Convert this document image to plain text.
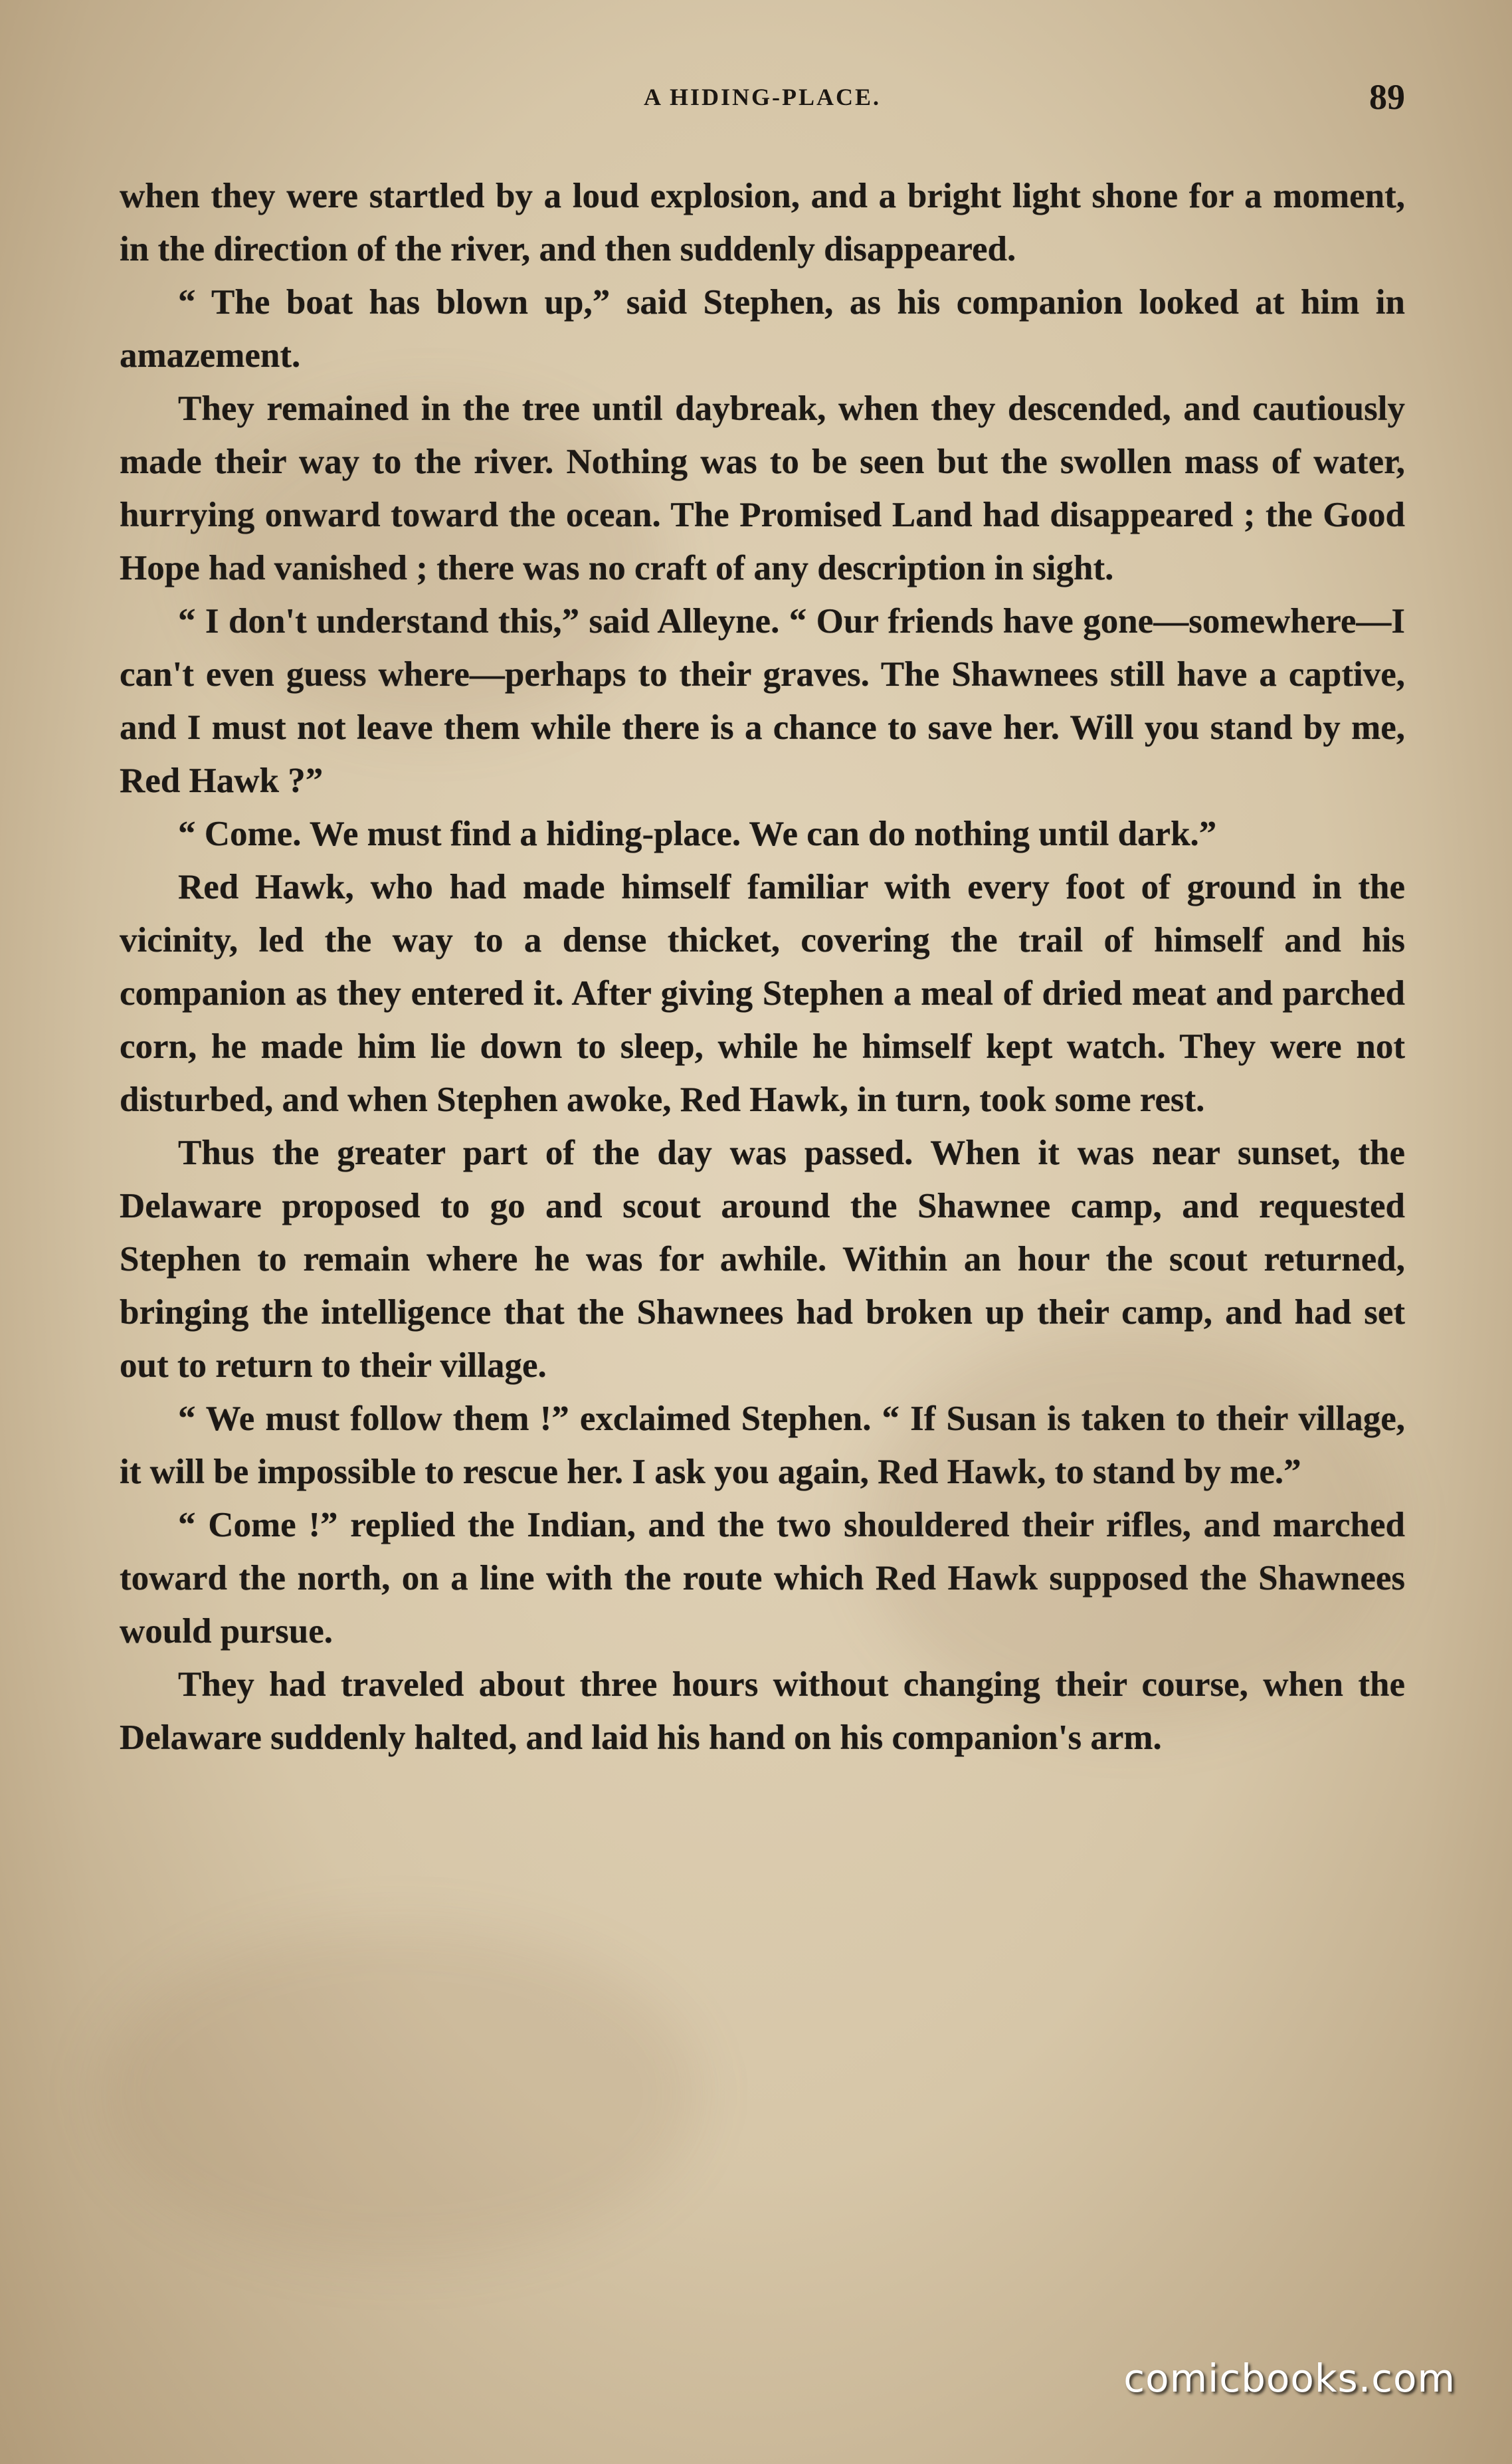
A HIDING-PLACE.	89

when they were startled by a loud explosion, and a bright light shone for a moment, in the direction of the river, and then suddenly disappeared.

“ The boat has blown up,” said Stephen, as his companion looked at him in amazement.

They remained in the tree until daybreak, when they descended, and cautiously made their way to the river. Nothing was to be seen but the swollen mass of water, hurrying onward toward the ocean. The Promised Land had disappeared ; the Good Hope had vanished ; there was no craft of any description in sight.

“ I don't understand this,” said Alleyne. “ Our friends have gone—somewhere—I can't even guess where—perhaps to their graves. The Shawnees still have a captive, and I must not leave them while there is a chance to save her. Will you stand by me, Red Hawk ?”

“ Come. We must find a hiding-place. We can do nothing until dark.”

Red Hawk, who had made himself familiar with every foot of ground in the vicinity, led the way to a dense thicket, covering the trail of himself and his companion as they entered it. After giving Stephen a meal of dried meat and parched corn, he made him lie down to sleep, while he himself kept watch. They were not disturbed, and when Stephen awoke, Red Hawk, in turn, took some rest.

Thus the greater part of the day was passed. When it was near sunset, the Delaware proposed to go and scout around the Shawnee camp, and requested Stephen to remain where he was for awhile. Within an hour the scout returned, bringing the intelligence that the Shawnees had broken up their camp, and had set out to return to their village.

“ We must follow them !” exclaimed Stephen. “ If Susan is taken to their village, it will be impossible to rescue her. I ask you again, Red Hawk, to stand by me.”

“ Come !” replied the Indian, and the two shouldered their rifles, and marched toward the north, on a line with the route which Red Hawk supposed the Shawnees would pursue.

They had traveled about three hours without changing their course, when the Delaware suddenly halted, and laid his hand on his companion's arm.

comicbooks.com
